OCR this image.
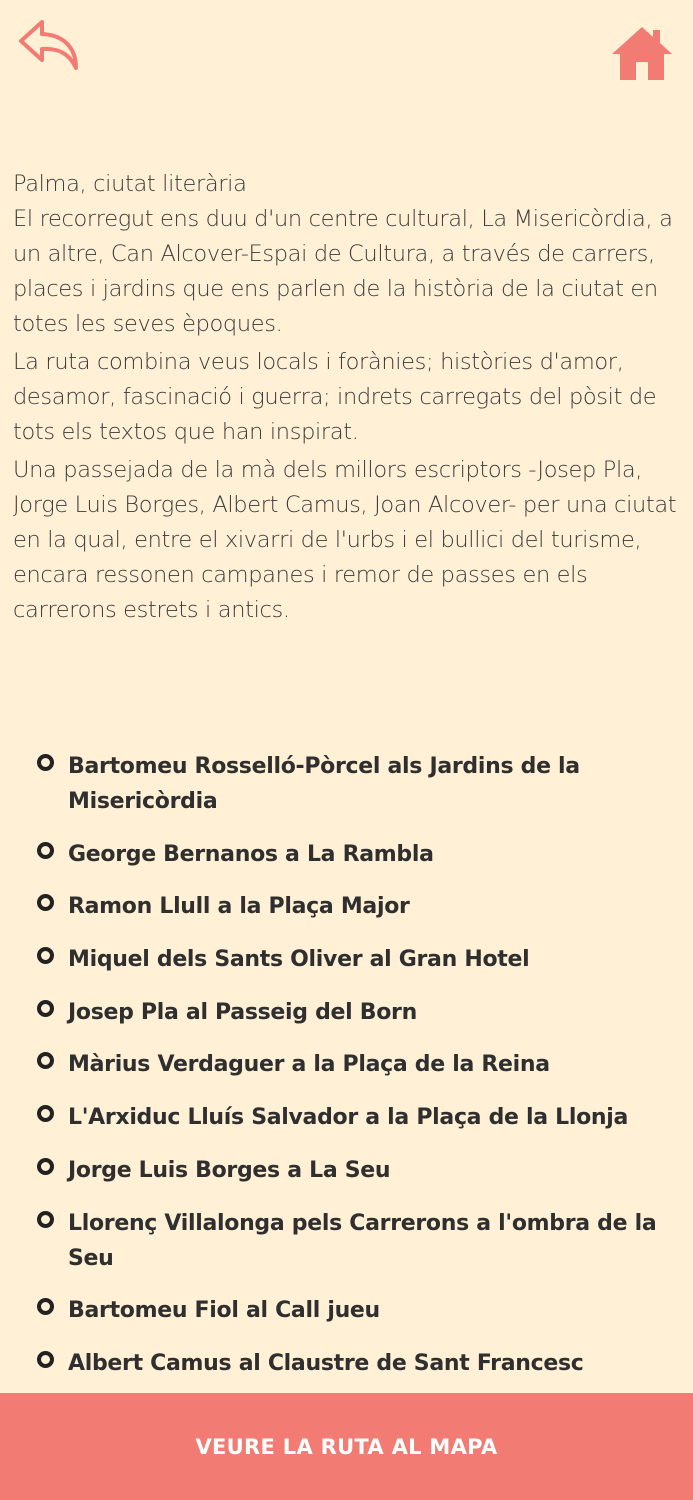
Palma, ciutat literària

El recorregut ens duu d'un centre cultural, La Misericòrdia, a un altre, Can Alcover-Espai de Cultura, a través de carrers, places i jardins que ens parlen de la història de la ciutat en totes les seves èpoques.

La ruta combina veus locals i forànies; històries d'amor, desamor, fascinació i guerra; indrets carregats del pòsit de tots els textos que han inspirat.

Una passejada de la mà dels millors escriptors -Josep Pla, Jorge Luis Borges, Albert Camus, Joan Alcover- per una ciutat en la qual, entre el xivarri de l'urbs i el bullici del turisme, encara ressonen campanes i remor de passes en els carrerons estrets i antics.

Bartomeu Rosselló-Pòrcel als Jardins de la Misericòrdia
George Bernanos a La Rambla
Ramon Llull a la Plaça Major
Miquel dels Sants Oliver al Gran Hotel
Josep Pla al Passeig del Born
Màrius Verdaguer a la Plaça de la Reina
L'Arxiduc Lluís Salvador a la Plaça de la Llonja
Jorge Luis Borges a La Seu
Llorenç Villalonga pels Carrerons a l'ombra de la Seu
Bartomeu Fiol al Call jueu
Albert Camus al Claustre de Sant Francesc
VEURE LA RUTA AL MAPA
